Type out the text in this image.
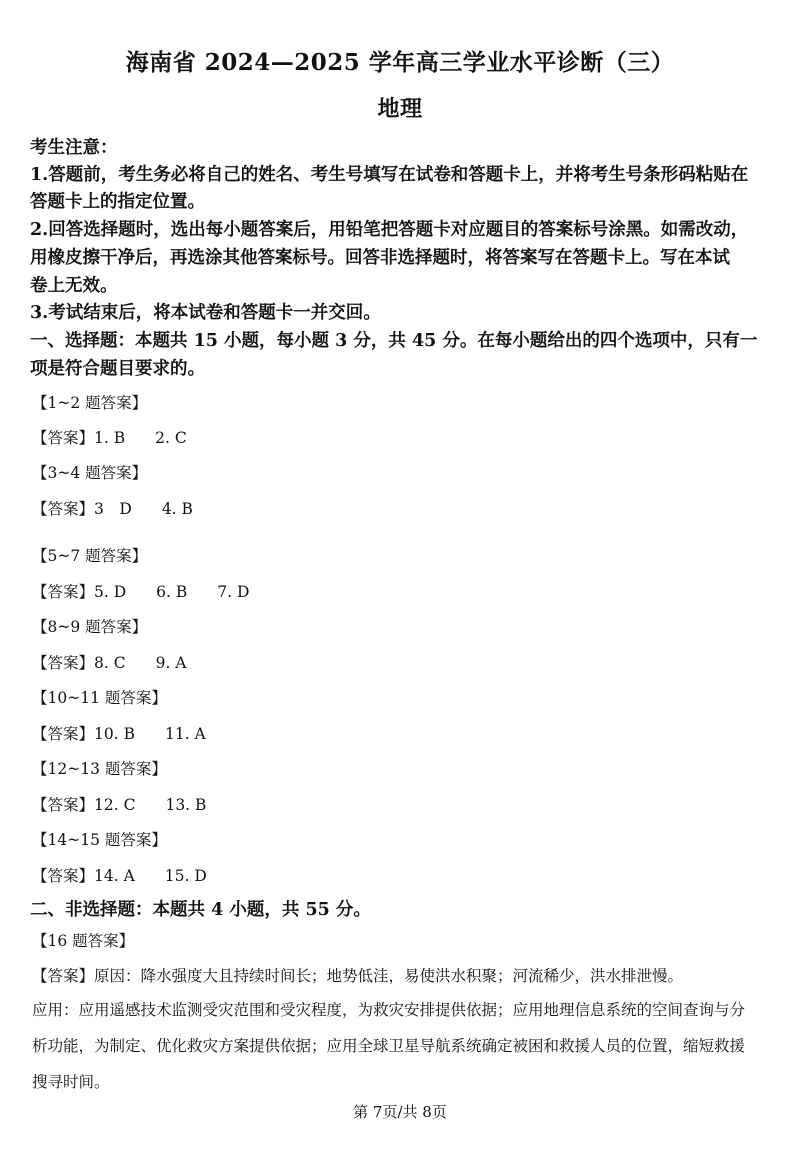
海南省 2024—2025 学年高三学业水平诊断（三）
地理
考生注意：
1.答题前，考生务必将自己的姓名、考生号填写在试卷和答题卡上，并将考生号条形码粘贴在
答题卡上的指定位置。
2.回答选择题时，选出每小题答案后，用铅笔把答题卡对应题目的答案标号涂黑。如需改动，
用橡皮擦干净后，再选涂其他答案标号。回答非选择题时，将答案写在答题卡上。写在本试
卷上无效。
3.考试结束后，将本试卷和答题卡一并交回。
一、选择题：本题共 15 小题，每小题 3 分，共 45 分。在每小题给出的四个选项中，只有一
项是符合题目要求的。
【1~2 题答案】
【答案】1. B 2. C
【3~4 题答案】
【答案】3　D 4. B
【5~7 题答案】
【答案】5. D 6. B 7. D
【8~9 题答案】
【答案】8. C 9. A
【10~11 题答案】
【答案】10. B 11. A
【12~13 题答案】
【答案】12. C 13. B
【14~15 题答案】
【答案】14. A 15. D
二、非选择题：本题共 4 小题，共 55 分。
【16 题答案】
【答案】原因：降水强度大且持续时间长；地势低洼，易使洪水积聚；河流稀少，洪水排泄慢。
应用：应用遥感技术监测受灾范围和受灾程度，为救灾安排提供依据；应用地理信息系统的空间查询与分
析功能，为制定、优化救灾方案提供依据；应用全球卫星导航系统确定被困和救援人员的位置，缩短救援
搜寻时间。
第 7页/共 8页
